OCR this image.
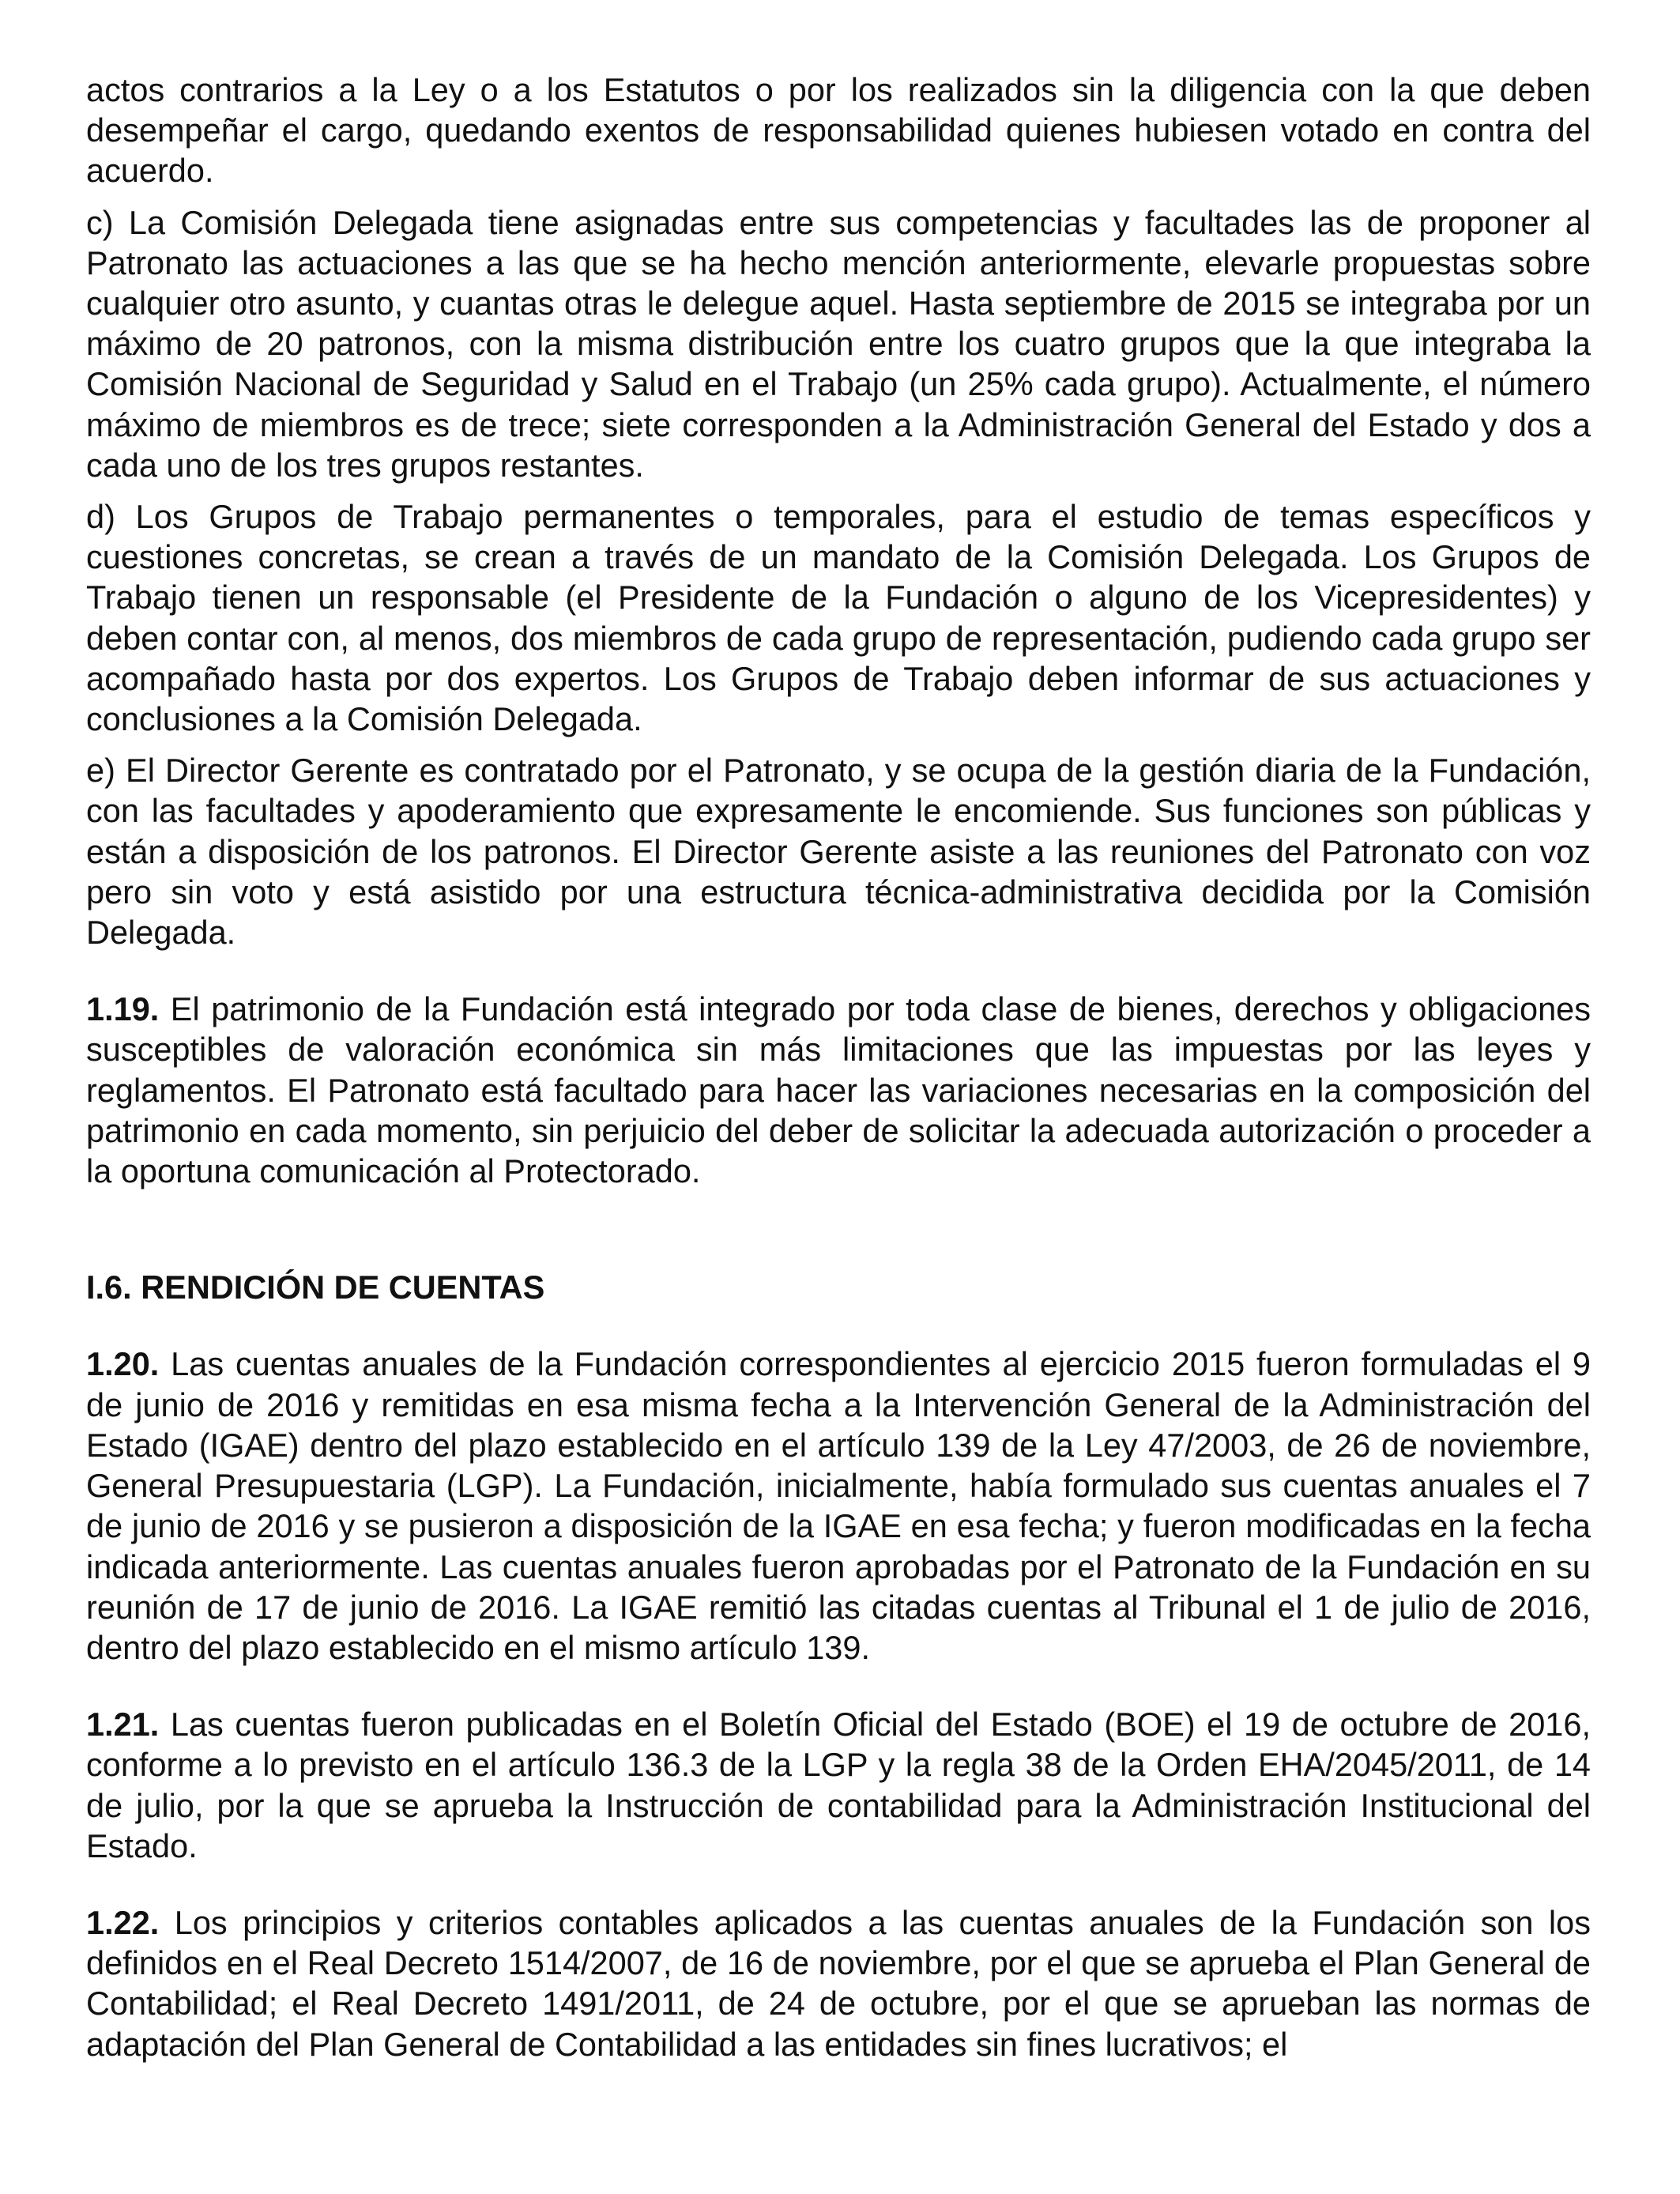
actos contrarios a la Ley o a los Estatutos o por los realizados sin la diligencia con la que deben desempeñar el cargo, quedando exentos de responsabilidad quienes hubiesen votado en contra del acuerdo.

c) La Comisión Delegada tiene asignadas entre sus competencias y facultades las de proponer al Patronato las actuaciones a las que se ha hecho mención anteriormente, elevarle propuestas sobre cualquier otro asunto, y cuantas otras le delegue aquel. Hasta septiembre de 2015 se integraba por un máximo de 20 patronos, con la misma distribución entre los cuatro grupos que la que integraba la Comisión Nacional de Seguridad y Salud en el Trabajo (un 25% cada grupo). Actualmente, el número máximo de miembros es de trece; siete corresponden a la Administración General del Estado y dos a cada uno de los tres grupos restantes.

d) Los Grupos de Trabajo permanentes o temporales, para el estudio de temas específicos y cuestiones concretas, se crean a través de un mandato de la Comisión Delegada. Los Grupos de Trabajo tienen un responsable (el Presidente de la Fundación o alguno de los Vicepresidentes) y deben contar con, al menos, dos miembros de cada grupo de representación, pudiendo cada grupo ser acompañado hasta por dos expertos. Los Grupos de Trabajo deben informar de sus actuaciones y conclusiones a la Comisión Delegada.

e) El Director Gerente es contratado por el Patronato, y se ocupa de la gestión diaria de la Fundación, con las facultades y apoderamiento que expresamente le encomiende. Sus funciones son públicas y están a disposición de los patronos. El Director Gerente asiste a las reuniones del Patronato con voz pero sin voto y está asistido por una estructura técnica-administrativa decidida por la Comisión Delegada.

1.19. El patrimonio de la Fundación está integrado por toda clase de bienes, derechos y obligaciones susceptibles de valoración económica sin más limitaciones que las impuestas por las leyes y reglamentos. El Patronato está facultado para hacer las variaciones necesarias en la composición del patrimonio en cada momento, sin perjuicio del deber de solicitar la adecuada autorización o proceder a la oportuna comunicación al Protectorado.

I.6. RENDICIÓN DE CUENTAS

1.20. Las cuentas anuales de la Fundación correspondientes al ejercicio 2015 fueron formuladas el 9 de junio de 2016 y remitidas en esa misma fecha a la Intervención General de la Administración del Estado (IGAE) dentro del plazo establecido en el artículo 139 de la Ley 47/2003, de 26 de noviembre, General Presupuestaria (LGP). La Fundación, inicialmente, había formulado sus cuentas anuales el 7 de junio de 2016 y se pusieron a disposición de la IGAE en esa fecha; y fueron modificadas en la fecha indicada anteriormente. Las cuentas anuales fueron aprobadas por el Patronato de la Fundación en su reunión de 17 de junio de 2016. La IGAE remitió las citadas cuentas al Tribunal el 1 de julio de 2016, dentro del plazo establecido en el mismo artículo 139.

1.21. Las cuentas fueron publicadas en el Boletín Oficial del Estado (BOE) el 19 de octubre de 2016, conforme a lo previsto en el artículo 136.3 de la LGP y la regla 38 de la Orden EHA/2045/2011, de 14 de julio, por la que se aprueba la Instrucción de contabilidad para la Administración Institucional del Estado.

1.22. Los principios y criterios contables aplicados a las cuentas anuales de la Fundación son los definidos en el Real Decreto 1514/2007, de 16 de noviembre, por el que se aprueba el Plan General de Contabilidad; el Real Decreto 1491/2011, de 24 de octubre, por el que se aprueban las normas de adaptación del Plan General de Contabilidad a las entidades sin fines lucrativos; el
